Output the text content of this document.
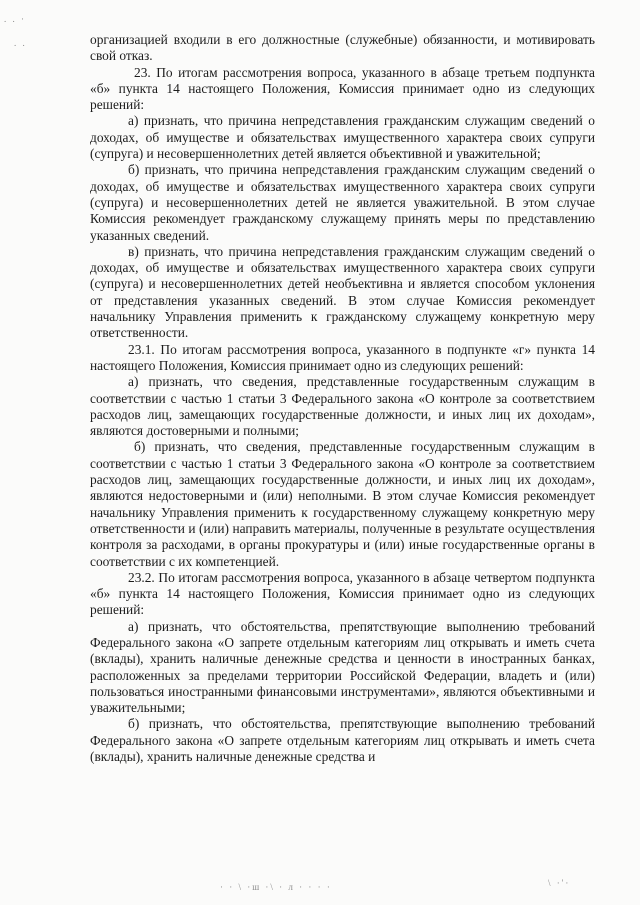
. . ·
. .	организацией входили в его должностные (служебные) обязанности, и мотивировать свой отказ.

23. По итогам рассмотрения вопроса, указанного в абзаце третьем подпункта «б» пункта 14 настоящего Положения, Комиссия принимает одно из следующих решений:

а) признать, что причина непредставления гражданским служащим сведений о доходах, об имуществе и обязательствах имущественного характера своих супруги (супруга) и несовершеннолетних детей является объективной и уважительной;

б) признать, что причина непредставления гражданским служащим сведений о доходах, об имуществе и обязательствах имущественного характера своих супруги (супруга) и несовершеннолетних детей не является уважительной. В этом случае Комиссия рекомендует гражданскому служащему принять меры по представлению указанных сведений.

в) признать, что причина непредставления гражданским служащим сведений о доходах, об имуществе и обязательствах имущественного характера своих супруги (супруга) и несовершеннолетних детей необъективна и является способом уклонения от представления указанных сведений. В этом случае Комиссия рекомендует начальнику Управления применить к гражданскому служащему конкретную меру ответственности.

23.1. По итогам рассмотрения вопроса, указанного в подпункте «г» пункта 14 настоящего Положения, Комиссия принимает одно из следующих решений:

а) признать, что сведения, представленные государственным служащим в соответствии с частью 1 статьи 3 Федерального закона «О контроле за соответствием расходов лиц, замещающих государственные должности, и иных лиц их доходам», являются достоверными и полными;

б) признать, что сведения, представленные государственным служащим в соответствии с частью 1 статьи 3 Федерального закона «О контроле за соответствием расходов лиц, замещающих государственные должности, и иных лиц их доходам», являются недостоверными и (или) неполными. В этом случае Комиссия рекомендует начальнику Управления применить к государственному служащему конкретную меру ответственности и (или) направить материалы, полученные в результате осуществления контроля за расходами, в органы прокуратуры и (или) иные государственные органы в соответствии с их компетенцией.

23.2. По итогам рассмотрения вопроса, указанного в абзаце четвертом подпункта «б» пункта 14 настоящего Положения, Комиссия принимает одно из следующих решений:

а) признать, что обстоятельства, препятствующие выполнению требований Федерального закона «О запрете отдельным категориям лиц открывать и иметь счета (вклады), хранить наличные денежные средства и ценности в иностранных банках, расположенных за пределами территории Российской Федерации, владеть и (или) пользоваться иностранными финансовыми инструментами», являются объективными и уважительными;

б) признать, что обстоятельства, препятствующие выполнению требований Федерального закона «О запрете отдельным категориям лиц открывать и иметь счета (вклады), хранить наличные денежные средства и

· · \ ·ш ·\ · л · · · ·	\ ·'·
